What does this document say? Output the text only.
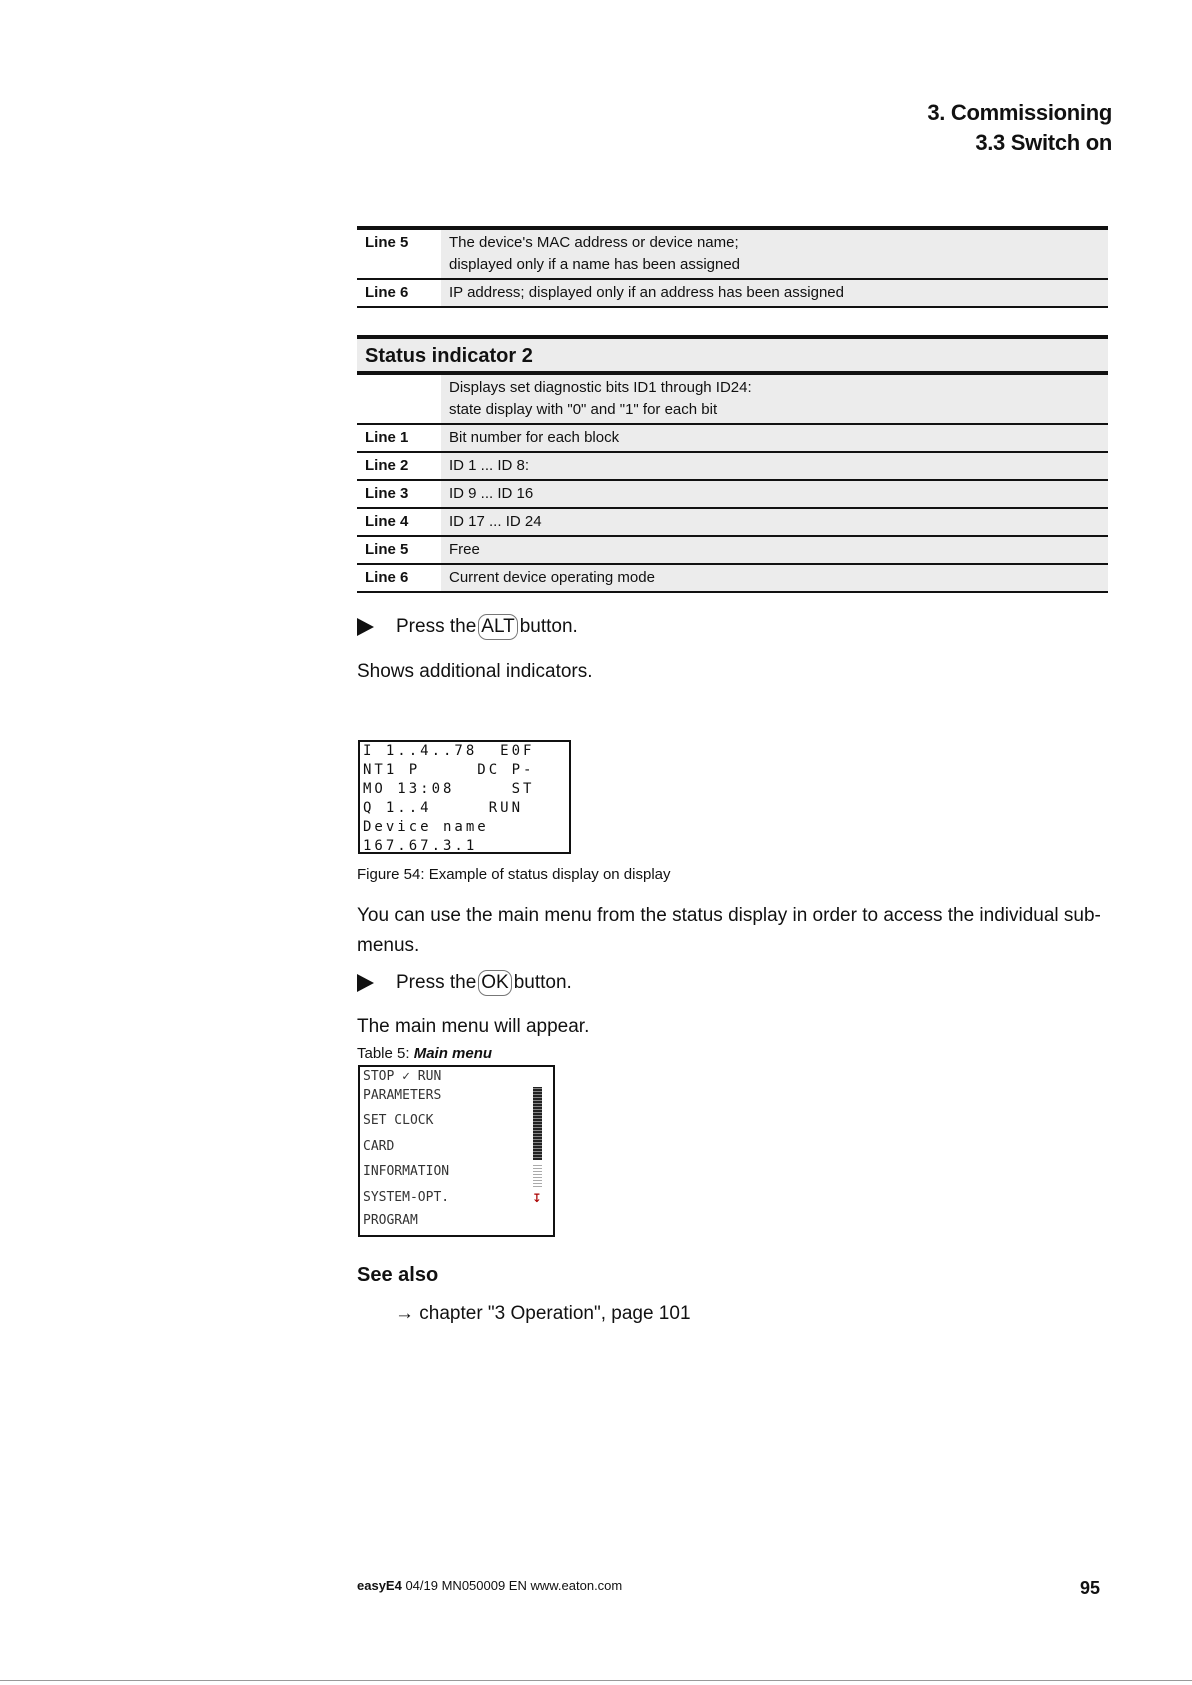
3. Commissioning
3.3 Switch on
Line 5	The device's MAC address or device name;
displayed only if a name has been assigned

Line 6	IP address; displayed only if an address has been assigned
Status indicator 2	

	Displays set diagnostic bits ID1 through ID24:
state display with "0" and "1" for each bit

Line 1	Bit number for each block
Line 2	ID 1 ... ID 8:
Line 3	ID 9 ... ID 16
Line 4	ID 17 ... ID 24
Line 5	Free
Line 6	Current device operating mode
Press the ALT button.
Shows additional indicators.
I 1..4..78  E0F
NT1 P     DC P-
MO 13:08     ST
Q 1..4     RUN
Device name
167.67.3.1
Figure 54: Example of status display on display
You can use the main menu from the status display in order to access the individual sub-
menus.
Press the OK button.
The main menu will appear.
Table 5: Main menu
STOP ✓ RUN
PARAMETERS
SET CLOCK
CARD
INFORMATION
SYSTEM-OPT.
PROGRAM
↧
See also
→ chapter "3 Operation", page 101
easyE4 04/19 MN050009 EN www.eaton.com	95
